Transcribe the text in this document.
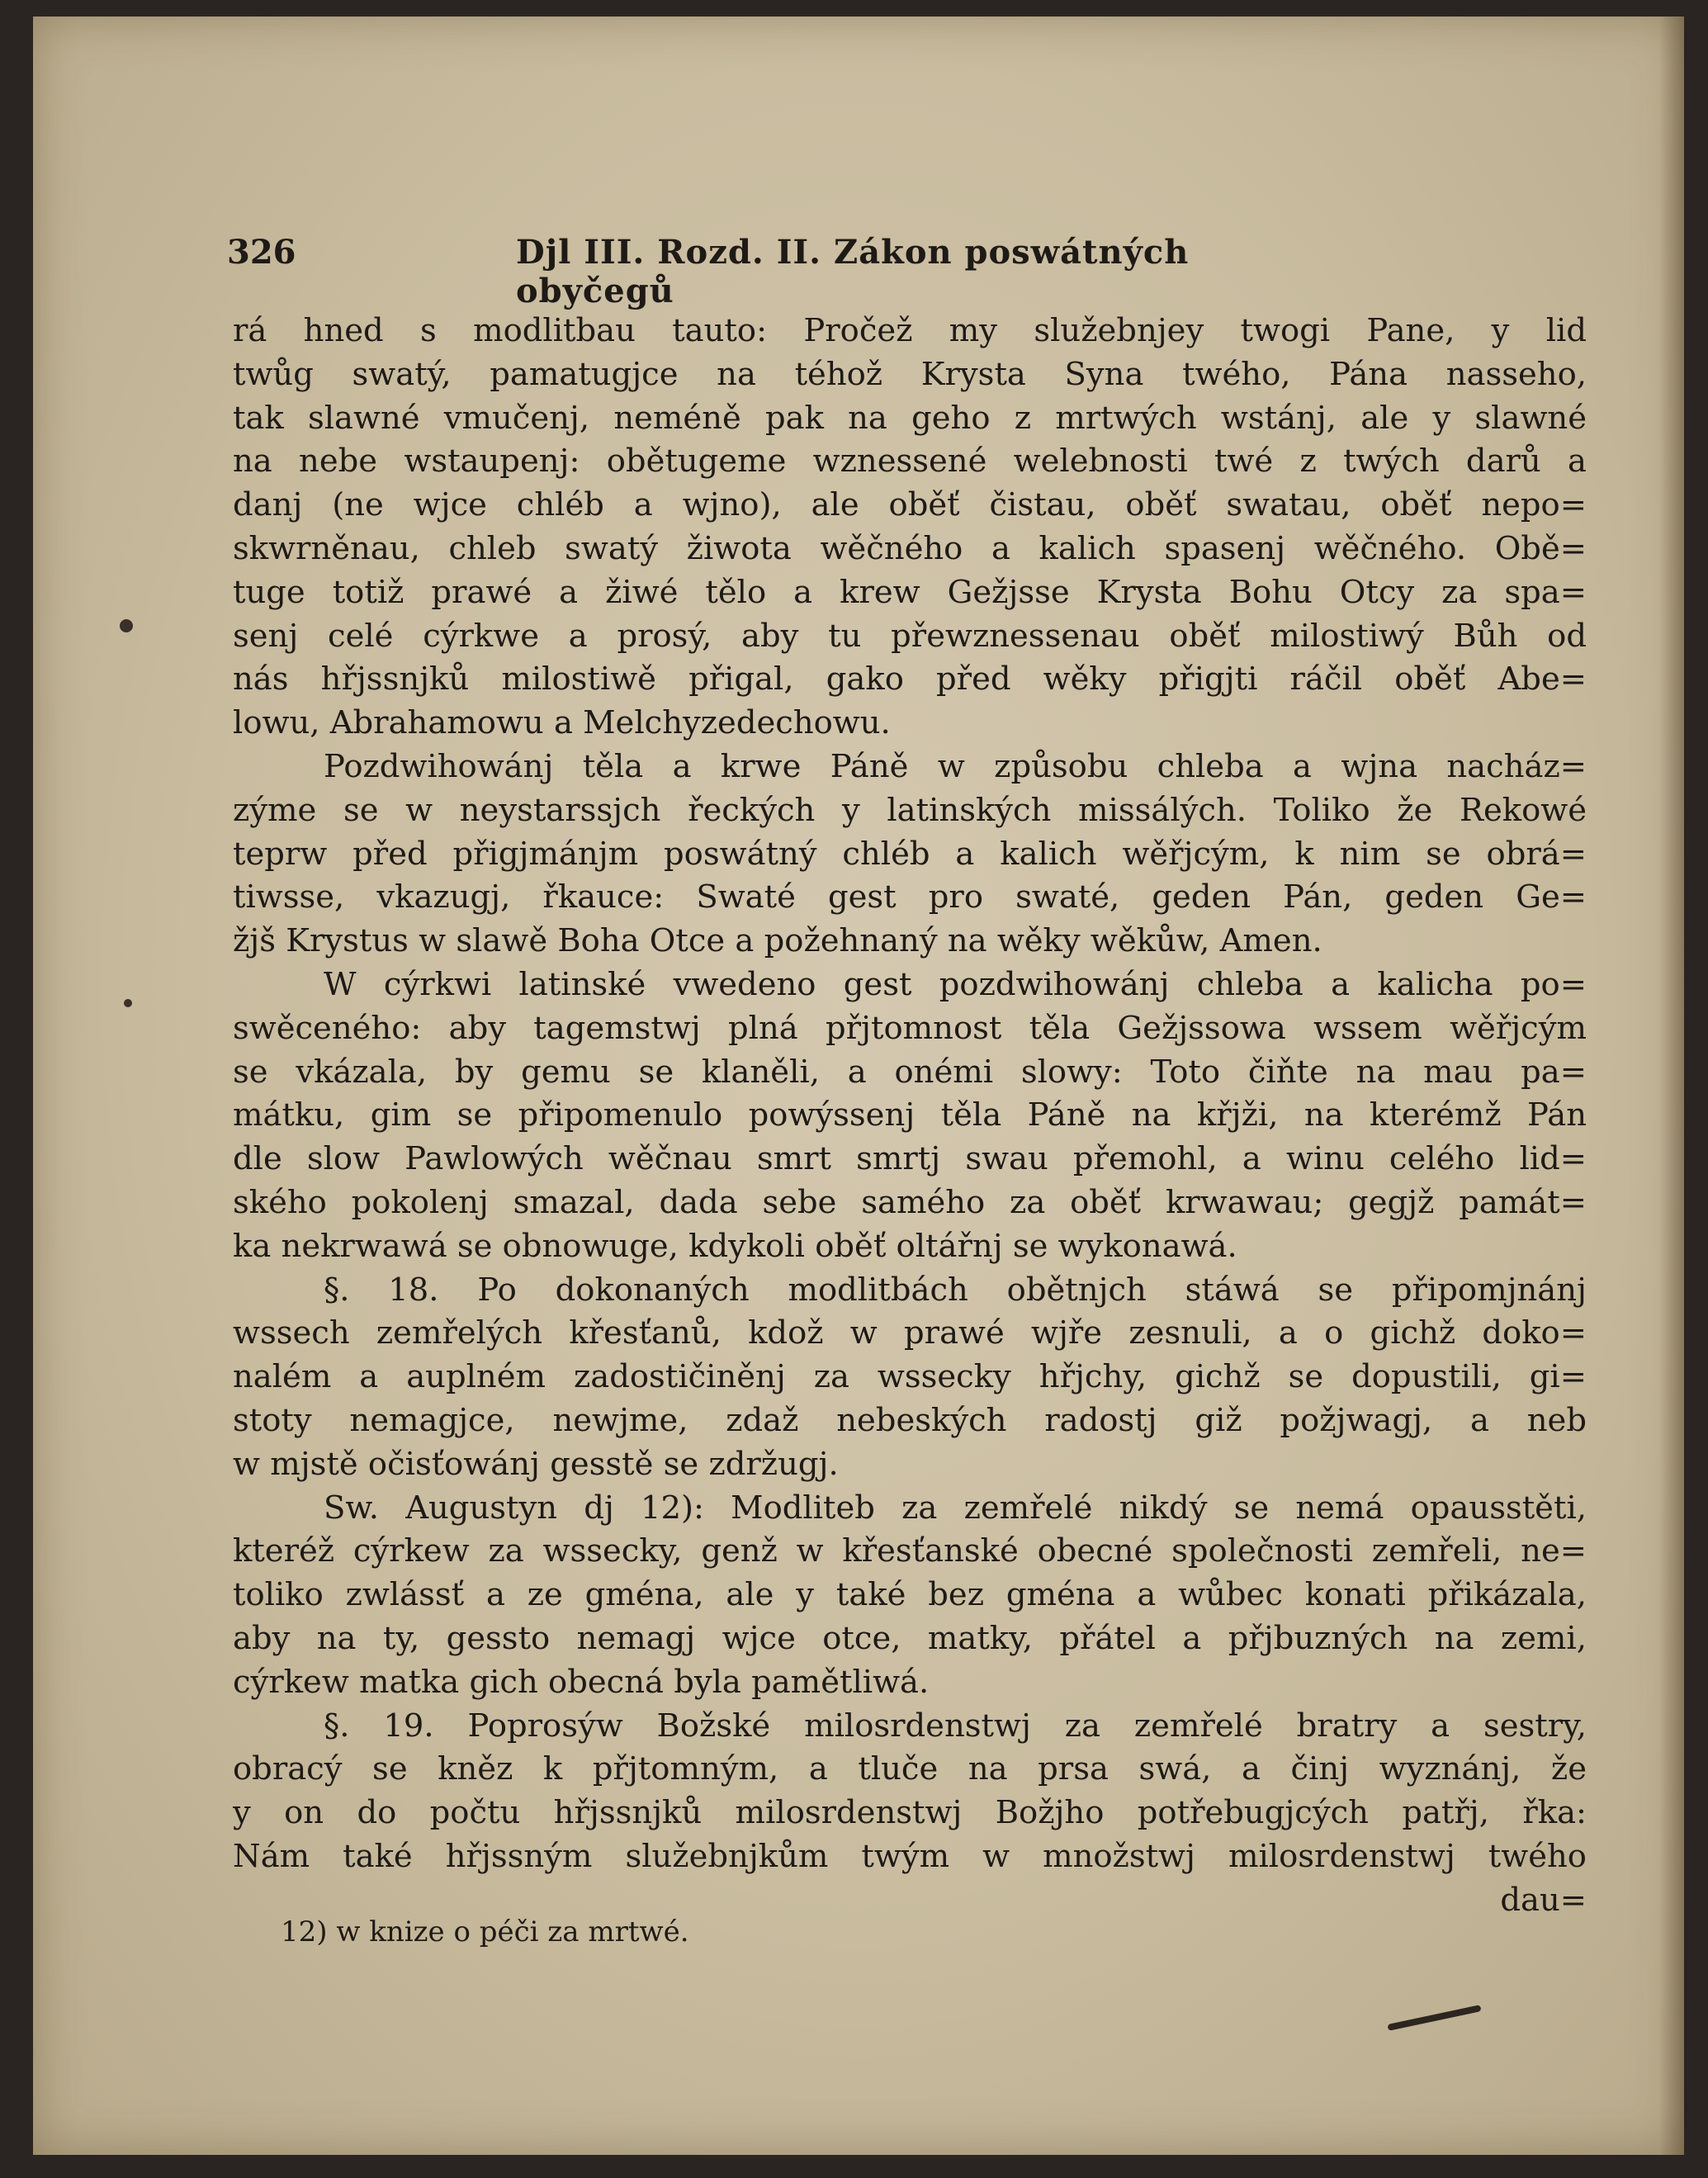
326	Djl III. Rozd. II. Zákon poswátných obyčegů
rá hned s modlitbau tauto: Pročež my služebnjey twogi Pane, y lid
twůg swatý, pamatugjce na téhož Krysta Syna twého, Pána nasseho,
tak slawné vmučenj, neméně pak na geho z mrtwých wstánj, ale y slawné
na nebe wstaupenj: obětugeme wznessené welebnosti twé z twých darů a
danj (ne wjce chléb a wjno), ale oběť čistau, oběť swatau, oběť nepo=
skwrněnau, chleb swatý žiwota wěčného a kalich spasenj wěčného. Obě=
tuge totiž prawé a žiwé tělo a krew Gežjsse Krysta Bohu Otcy za spa=
senj celé cýrkwe a prosý, aby tu přewznessenau oběť milostiwý Bůh od
nás hřjssnjků milostiwě přigal, gako před wěky přigjti ráčil oběť Abe=
lowu, Abrahamowu a Melchyzedechowu.
Pozdwihowánj těla a krwe Páně w způsobu chleba a wjna nacház=
zýme se w neystarssjch řeckých y latinských missálých. Toliko že Rekowé
teprw před přigjmánjm poswátný chléb a kalich wěřjcým, k nim se obrá=
tiwsse, vkazugj, řkauce: Swaté gest pro swaté, geden Pán, geden Ge=
žjš Krystus w slawě Boha Otce a požehnaný na wěky wěkůw, Amen.
W cýrkwi latinské vwedeno gest pozdwihowánj chleba a kalicha po=
swěceného: aby tagemstwj plná přjtomnost těla Gežjssowa wssem wěřjcým
se vkázala, by gemu se klaněli, a onémi slowy: Toto čiňte na mau pa=
mátku, gim se připomenulo powýssenj těla Páně na křjži, na kterémž Pán
dle slow Pawlowých wěčnau smrt smrtj swau přemohl, a winu celého lid=
ského pokolenj smazal, dada sebe samého za oběť krwawau; gegjž památ=
ka nekrwawá se obnowuge, kdykoli oběť oltářnj se wykonawá.
§. 18. Po dokonaných modlitbách obětnjch stáwá se připomjnánj
wssech zemřelých křesťanů, kdož w prawé wjře zesnuli, a o gichž doko=
nalém a auplném zadostičiněnj za wssecky hřjchy, gichž se dopustili, gi=
stoty nemagjce, newjme, zdaž nebeských radostj giž požjwagj, a neb
w mjstě očisťowánj gesstě se zdržugj.
Sw. Augustyn dj 12): Modliteb za zemřelé nikdý se nemá opausstěti,
kteréž cýrkew za wssecky, genž w křesťanské obecné společnosti zemřeli, ne=
toliko zwlássť a ze gména, ale y také bez gména a wůbec konati přikázala,
aby na ty, gessto nemagj wjce otce, matky, přátel a přjbuzných na zemi,
cýrkew matka gich obecná byla pamětliwá.
§. 19. Poprosýw Božské milosrdenstwj za zemřelé bratry a sestry,
obracý se kněz k přjtomným, a tluče na prsa swá, a činj wyznánj, že
y on do počtu hřjssnjků milosrdenstwj Božjho potřebugjcých patřj, řka:
Nám také hřjssným služebnjkům twým w množstwj milosrdenstwj twého
dau=
12) w knize o péči za mrtwé.
